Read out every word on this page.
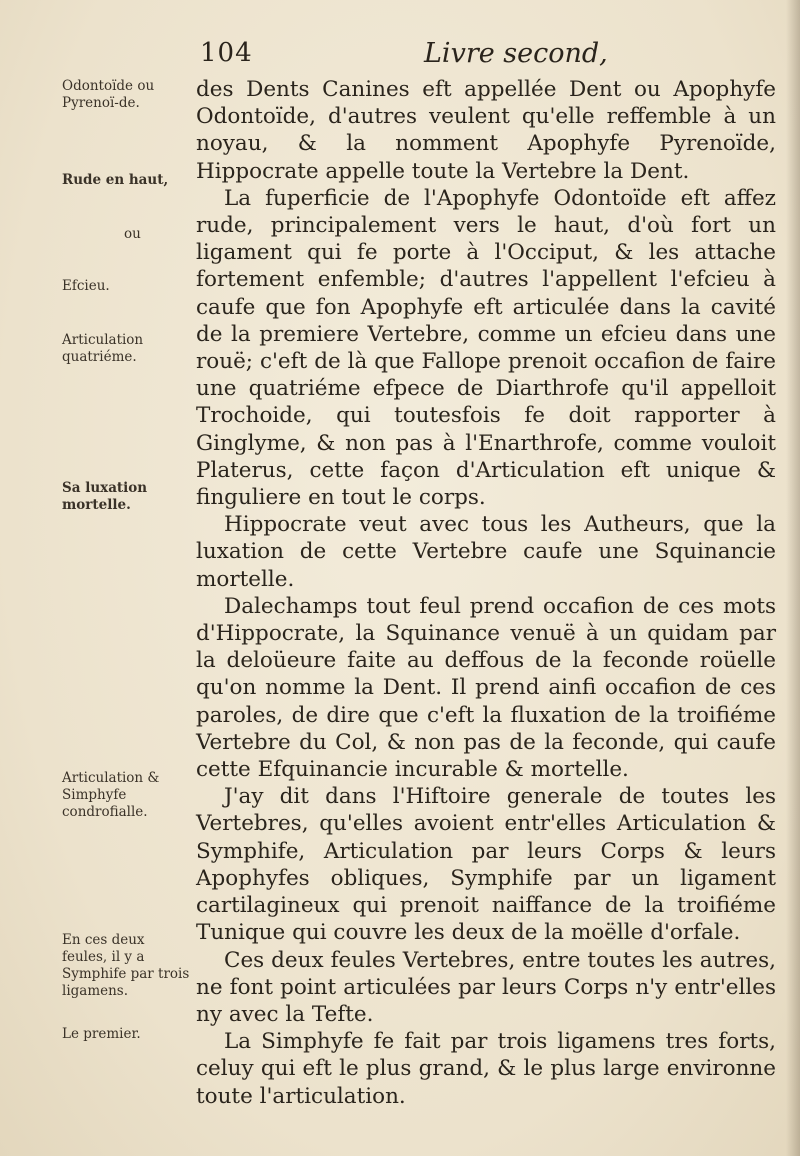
104	Livre second,
Odontoïde ou Pyrenoï-de.
Rude en haut,
ou
Efcieu.
Articulation quatriéme.
Sa luxation mortelle.
Articulation & Simphyfe condrofialle.
En ces deux feules, il y a Symphife par trois ligamens.
Le premier.

des Dents Canines eft appellée Dent ou Apophyfe Odontoïde, d'autres veulent qu'elle reffemble à un noyau, & la nomment Apophyfe Pyrenoïde, Hippocrate appelle toute la Vertebre la Dent.

La fuperficie de l'Apophyfe Odontoïde eft affez rude, principalement vers le haut, d'où fort un ligament qui fe porte à l'Occiput, & les attache fortement enfemble; d'autres l'appellent l'efcieu à caufe que fon Apophyfe eft articulée dans la cavité de la premiere Vertebre, comme un efcieu dans une rouë; c'eft de là que Fallope prenoit occafion de faire une quatriéme efpece de Diarthrofe qu'il appelloit Trochoide, qui toutesfois fe doit rapporter à Ginglyme, & non pas à l'Enarthrofe, comme vouloit Platerus, cette façon d'Articulation eft unique & finguliere en tout le corps.

Hippocrate veut avec tous les Autheurs, que la luxation de cette Vertebre caufe une Squinancie mortelle.

Dalechamps tout feul prend occafion de ces mots d'Hippocrate, la Squinance venuë à un quidam par la deloüeure faite au deffous de la feconde roüelle qu'on nomme la Dent. Il prend ainfi occafion de ces paroles, de dire que c'eft la fluxation de la troifiéme Vertebre du Col, & non pas de la feconde, qui caufe cette Efquinancie incurable & mortelle.

J'ay dit dans l'Hiftoire generale de toutes les Vertebres, qu'elles avoient entr'elles Articulation & Symphife, Articulation par leurs Corps & leurs Apophyfes obliques, Symphife par un ligament cartilagineux qui prenoit naiffance de la troifiéme Tunique qui couvre les deux de la moëlle d'orfale.

Ces deux feules Vertebres, entre toutes les autres, ne font point articulées par leurs Corps n'y entr'elles ny avec la Tefte.

La Simphyfe fe fait par trois ligamens tres forts, celuy qui eft le plus grand, & le plus large environne toute l'articulation.
